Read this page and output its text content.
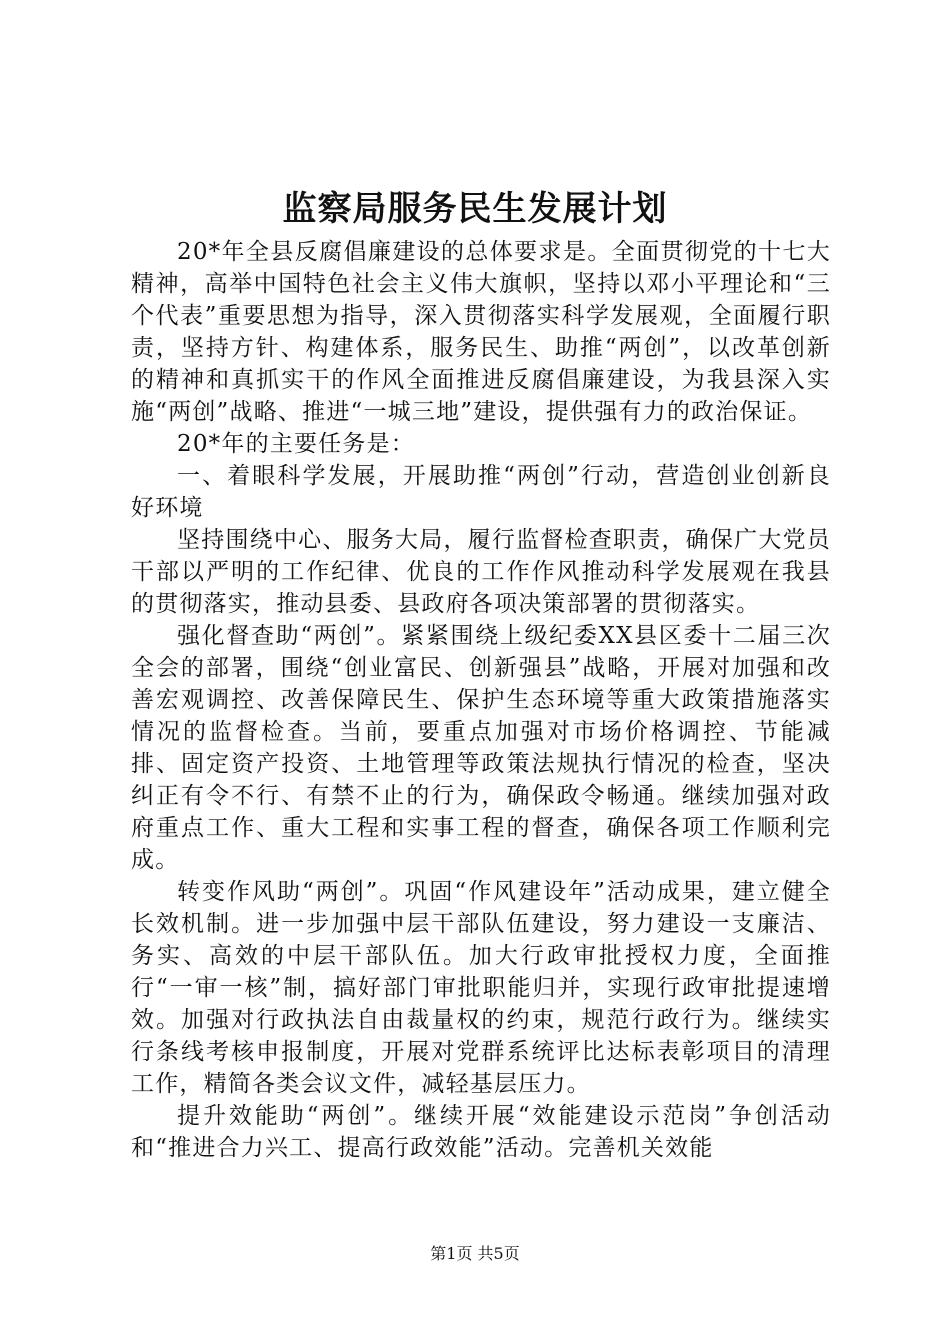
监察局服务民生发展计划

20*年全县反腐倡廉建设的总体要求是。全面贯彻党的十七大精神，高举中国特色社会主义伟大旗帜，坚持以邓小平理论和“三个代表”重要思想为指导，深入贯彻落实科学发展观，全面履行职责，坚持方针、构建体系，服务民生、助推“两创”，以改革创新的精神和真抓实干的作风全面推进反腐倡廉建设，为我县深入实施“两创”战略、推进“一城三地”建设，提供强有力的政治保证。

20*年的主要任务是：

一、着眼科学发展，开展助推“两创”行动，营造创业创新良好环境

坚持围绕中心、服务大局，履行监督检查职责，确保广大党员干部以严明的工作纪律、优良的工作作风推动科学发展观在我县的贯彻落实，推动县委、县政府各项决策部署的贯彻落实。

强化督查助“两创”。紧紧围绕上级纪委XX县区委十二届三次全会的部署，围绕“创业富民、创新强县”战略，开展对加强和改善宏观调控、改善保障民生、保护生态环境等重大政策措施落实情况的监督检查。当前，要重点加强对市场价格调控、节能减排、固定资产投资、土地管理等政策法规执行情况的检查，坚决纠正有令不行、有禁不止的行为，确保政令畅通。继续加强对政府重点工作、重大工程和实事工程的督查，确保各项工作顺利完成。

转变作风助“两创”。巩固“作风建设年”活动成果，建立健全长效机制。进一步加强中层干部队伍建设，努力建设一支廉洁、务实、高效的中层干部队伍。加大行政审批授权力度，全面推行“一审一核”制，搞好部门审批职能归并，实现行政审批提速增效。加强对行政执法自由裁量权的约束，规范行政行为。继续实行条线考核申报制度，开展对党群系统评比达标表彰项目的清理工作，精简各类会议文件，减轻基层压力。

提升效能助“两创”。继续开展“效能建设示范岗”争创活动和“推进合力兴工、提高行政效能”活动。完善机关效能

第1页 共5页
